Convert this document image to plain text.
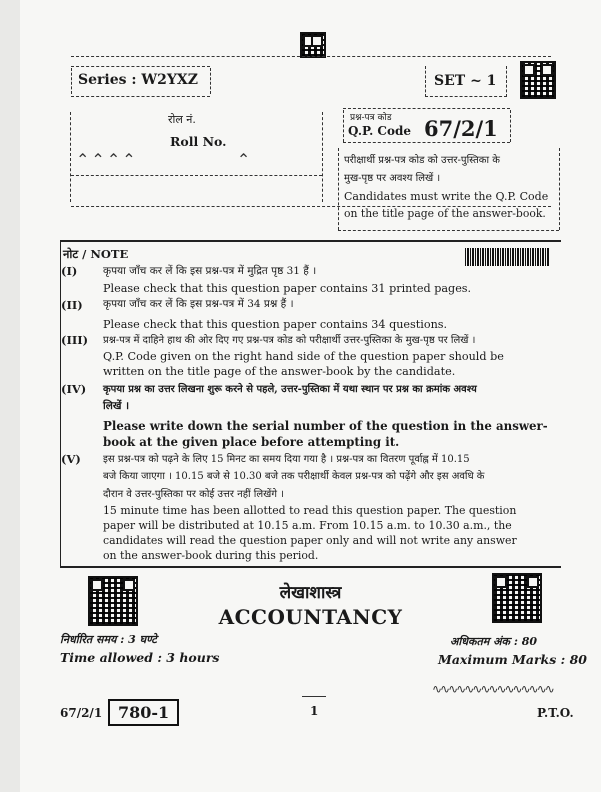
Series : W2YXZ	SET ~ 1
रोल नं.
Roll No.
⌃⌃⌃⌃              ⌃
प्रश्न-पत्र कोड
Q.P. Code 67/2/1
परीक्षार्थी प्रश्न-पत्र कोड को उत्तर-पुस्तिका के
मुख-पृष्ठ पर अवश्य लिखें ।
Candidates must write the Q.P. Code
on the title page of the answer-book.
नोट / NOTE
(I) कृपया जाँच कर लें कि इस प्रश्न-पत्र में मुद्रित पृष्ठ 31 हैं ।
Please check that this question paper contains 31 printed pages.
(II) कृपया जाँच कर लें कि इस प्रश्न-पत्र में 34 प्रश्न हैं ।
Please check that this question paper contains 34 questions.
(III) प्रश्न-पत्र में दाहिने हाथ की ओर दिए गए प्रश्न-पत्र कोड को परीक्षार्थी उत्तर-पुस्तिका के मुख-पृष्ठ पर लिखें ।
Q.P. Code given on the right hand side of the question paper should be
written on the title page of the answer-book by the candidate.
(IV) कृपया प्रश्न का उत्तर लिखना शुरू करने से पहले, उत्तर-पुस्तिका में यथा स्थान पर प्रश्न का क्रमांक अवश्य
लिखें ।
Please write down the serial number of the question in the answer-
book at the given place before attempting it.
(V) इस प्रश्न-पत्र को पढ़ने के लिए 15 मिनट का समय दिया गया है । प्रश्न-पत्र का वितरण पूर्वाह्न में 10.15
बजे किया जाएगा । 10.15 बजे से 10.30 बजे तक परीक्षार्थी केवल प्रश्न-पत्र को पढ़ेंगे और इस अवधि के
दौरान वे उत्तर-पुस्तिका पर कोई उत्तर नहीं लिखेंगे ।
15 minute time has been allotted to read this question paper. The question
paper will be distributed at 10.15 a.m. From 10.15 a.m. to 10.30 a.m., the
candidates will read the question paper only and will not write any answer
on the answer-book during this period.
लेखाशास्त्र
ACCOUNTANCY
निर्धारित समय : 3 घण्टे
Time allowed : 3 hours
अधिकतम अंक : 80
Maximum Marks : 80
∿∿∿∿∿∿∿∿∿∿∿∿∿∿∿
67/2/1 780-1	1	P.T.O.
